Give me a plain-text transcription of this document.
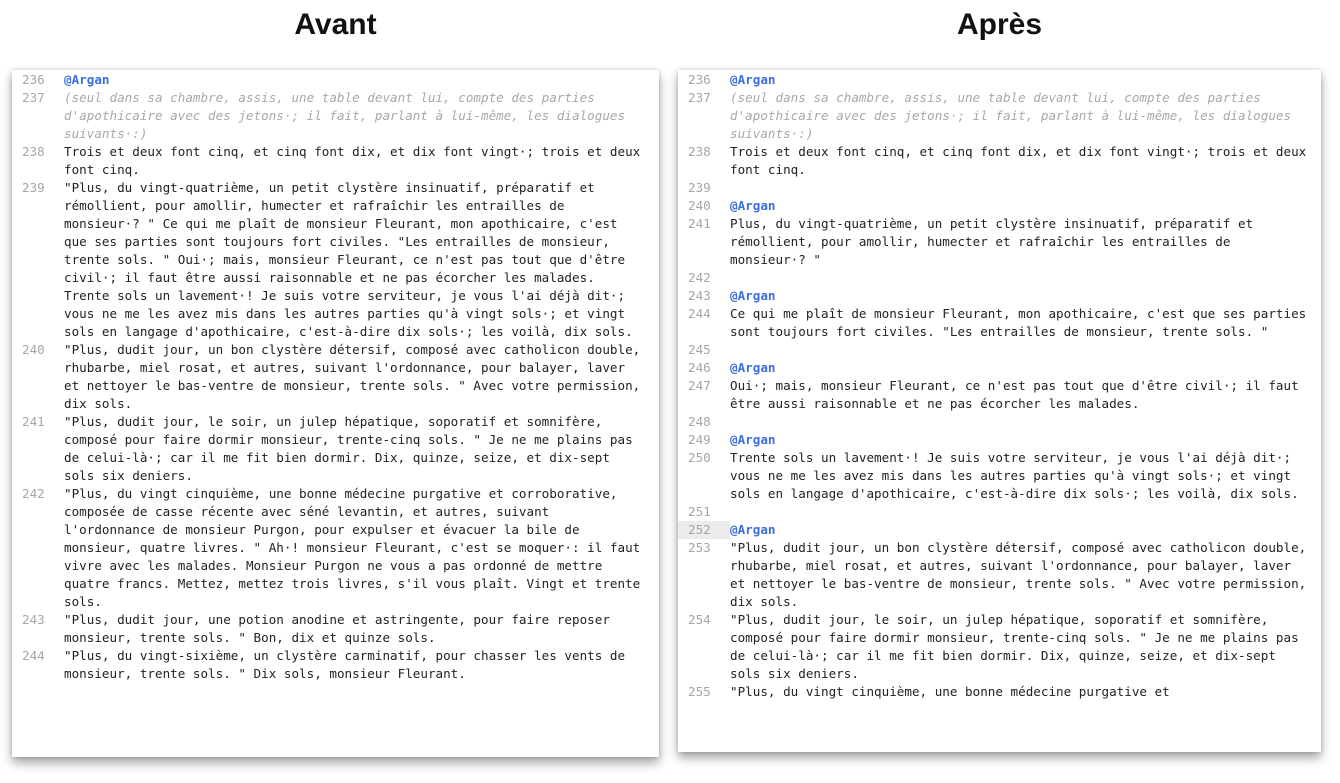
Avant	Après
236	@Argan
237	(seul dans sa chambre, assis, une table devant lui, compte des parties d'apothicaire avec des jetons·; il fait, parlant à lui-même, les dialogues suivants·:)
238	Trois et deux font cinq, et cinq font dix, et dix font vingt·; trois et deux font cinq.
239	"Plus, du vingt-quatrième, un petit clystère insinuatif, préparatif et rémollient, pour amollir, humecter et rafraîchir les entrailles de monsieur·? " Ce qui me plaît de monsieur Fleurant, mon apothicaire, c'est que ses parties sont toujours fort civiles. "Les entrailles de monsieur, trente sols. " Oui·; mais, monsieur Fleurant, ce n'est pas tout que d'être civil·; il faut être aussi raisonnable et ne pas écorcher les malades. Trente sols un lavement·! Je suis votre serviteur, je vous l'ai déjà dit·; vous ne me les avez mis dans les autres parties qu'à vingt sols·; et vingt sols en langage d'apothicaire, c'est-à-dire dix sols·; les voilà, dix sols.
240	"Plus, dudit jour, un bon clystère détersif, composé avec catholicon double, rhubarbe, miel rosat, et autres, suivant l'ordonnance, pour balayer, laver et nettoyer le bas-ventre de monsieur, trente sols. " Avec votre permission, dix sols.
241	"Plus, dudit jour, le soir, un julep hépatique, soporatif et somnifère, composé pour faire dormir monsieur, trente-cinq sols. " Je ne me plains pas de celui-là·; car il me fit bien dormir. Dix, quinze, seize, et dix-sept sols six deniers.
242	"Plus, du vingt cinquième, une bonne médecine purgative et corroborative, composée de casse récente avec séné levantin, et autres, suivant l'ordonnance de monsieur Purgon, pour expulser et évacuer la bile de monsieur, quatre livres. " Ah·! monsieur Fleurant, c'est se moquer·: il faut vivre avec les malades. Monsieur Purgon ne vous a pas ordonné de mettre quatre francs. Mettez, mettez trois livres, s'il vous plaît. Vingt et trente sols.
243	"Plus, dudit jour, une potion anodine et astringente, pour faire reposer monsieur, trente sols. " Bon, dix et quinze sols.
244	"Plus, du vingt-sixième, un clystère carminatif, pour chasser les vents de monsieur, trente sols. " Dix sols, monsieur Fleurant.
236	@Argan
237	(seul dans sa chambre, assis, une table devant lui, compte des parties d'apothicaire avec des jetons·; il fait, parlant à lui-même, les dialogues suivants·:)
238	Trois et deux font cinq, et cinq font dix, et dix font vingt·; trois et deux font cinq.
239

240	@Argan
241	Plus, du vingt-quatrième, un petit clystère insinuatif, préparatif et rémollient, pour amollir, humecter et rafraîchir les entrailles de monsieur·? "
242

243	@Argan
244	Ce qui me plaît de monsieur Fleurant, mon apothicaire, c'est que ses parties sont toujours fort civiles. "Les entrailles de monsieur, trente sols. "
245

246	@Argan
247	Oui·; mais, monsieur Fleurant, ce n'est pas tout que d'être civil·; il faut être aussi raisonnable et ne pas écorcher les malades.
248

249	@Argan
250	Trente sols un lavement·! Je suis votre serviteur, je vous l'ai déjà dit·; vous ne me les avez mis dans les autres parties qu'à vingt sols·; et vingt sols en langage d'apothicaire, c'est-à-dire dix sols·; les voilà, dix sols.
251

252	@Argan
253	"Plus, dudit jour, un bon clystère détersif, composé avec catholicon double, rhubarbe, miel rosat, et autres, suivant l'ordonnance, pour balayer, laver et nettoyer le bas-ventre de monsieur, trente sols. " Avec votre permission, dix sols.
254	"Plus, dudit jour, le soir, un julep hépatique, soporatif et somnifère, composé pour faire dormir monsieur, trente-cinq sols. " Je ne me plains pas de celui-là·; car il me fit bien dormir. Dix, quinze, seize, et dix-sept sols six deniers.
255	"Plus, du vingt cinquième, une bonne médecine purgative et
